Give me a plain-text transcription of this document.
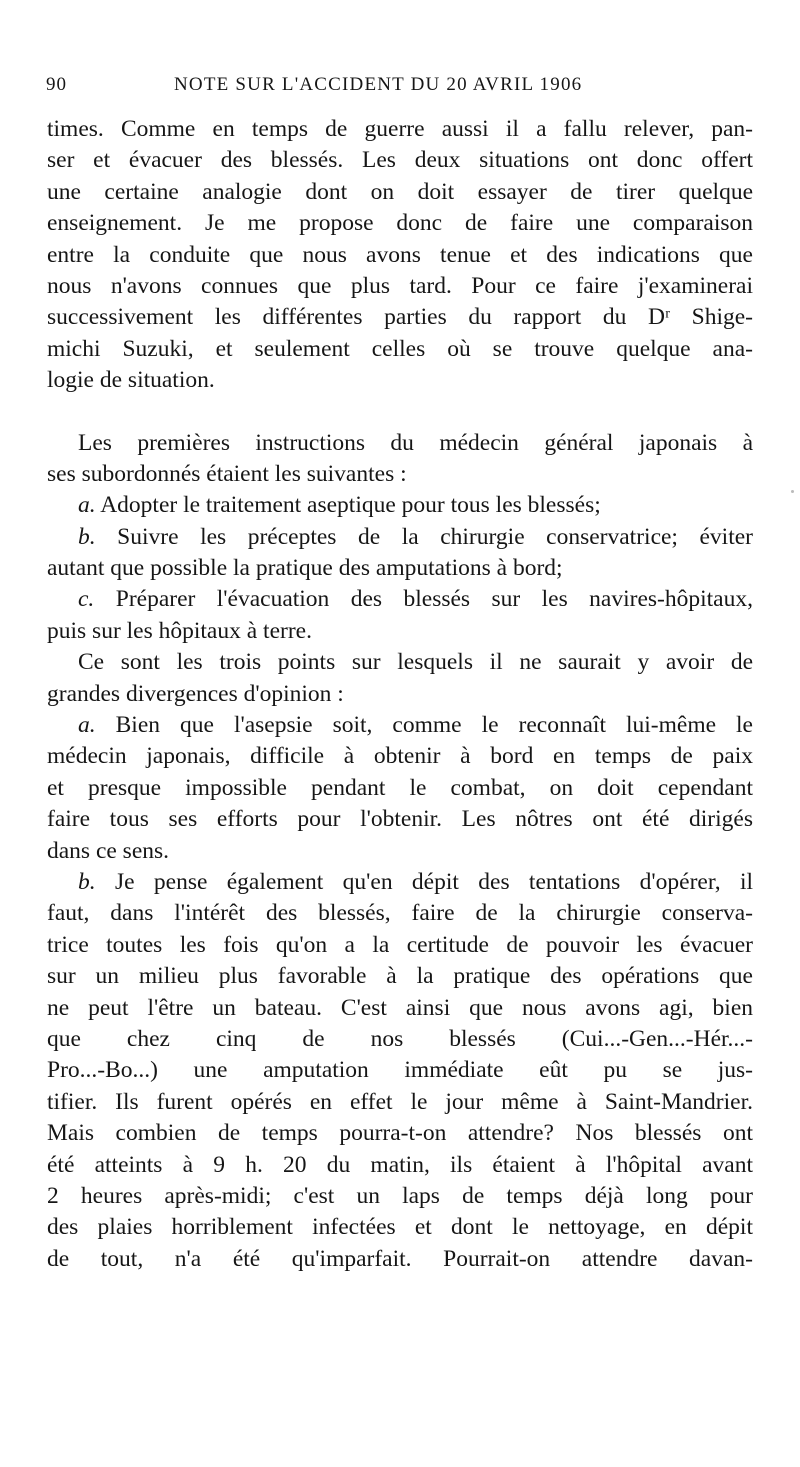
90	NOTE SUR L'ACCIDENT DU 20 AVRIL 1906
times. Comme en temps de guerre aussi il a fallu relever, pan-
ser et évacuer des blessés. Les deux situations ont donc offert
une certaine analogie dont on doit essayer de tirer quelque
enseignement. Je me propose donc de faire une comparaison
entre la conduite que nous avons tenue et des indications que
nous n'avons connues que plus tard. Pour ce faire j'examinerai
successivement les différentes parties du rapport du Dʳ Shige-
michi Suzuki, et seulement celles où se trouve quelque ana-
logie de situation.
Les premières instructions du médecin général japonais à
ses subordonnés étaient les suivantes :
a. Adopter le traitement aseptique pour tous les blessés;
b. Suivre les préceptes de la chirurgie conservatrice; éviter
autant que possible la pratique des amputations à bord;
c. Préparer l'évacuation des blessés sur les navires-hôpitaux,
puis sur les hôpitaux à terre.
Ce sont les trois points sur lesquels il ne saurait y avoir de
grandes divergences d'opinion :
a. Bien que l'asepsie soit, comme le reconnaît lui-même le
médecin japonais, difficile à obtenir à bord en temps de paix
et presque impossible pendant le combat, on doit cependant
faire tous ses efforts pour l'obtenir. Les nôtres ont été dirigés
dans ce sens.
b. Je pense également qu'en dépit des tentations d'opérer, il
faut, dans l'intérêt des blessés, faire de la chirurgie conserva-
trice toutes les fois qu'on a la certitude de pouvoir les évacuer
sur un milieu plus favorable à la pratique des opérations que
ne peut l'être un bateau. C'est ainsi que nous avons agi, bien
que chez cinq de nos blessés (Cui...-Gen...-Hér...-
Pro...-Bo...) une amputation immédiate eût pu se jus-
tifier. Ils furent opérés en effet le jour même à Saint-Mandrier.
Mais combien de temps pourra-t-on attendre? Nos blessés ont
été atteints à 9 h. 20 du matin, ils étaient à l'hôpital avant
2 heures après-midi; c'est un laps de temps déjà long pour
des plaies horriblement infectées et dont le nettoyage, en dépit
de tout, n'a été qu'imparfait. Pourrait-on attendre davan-
